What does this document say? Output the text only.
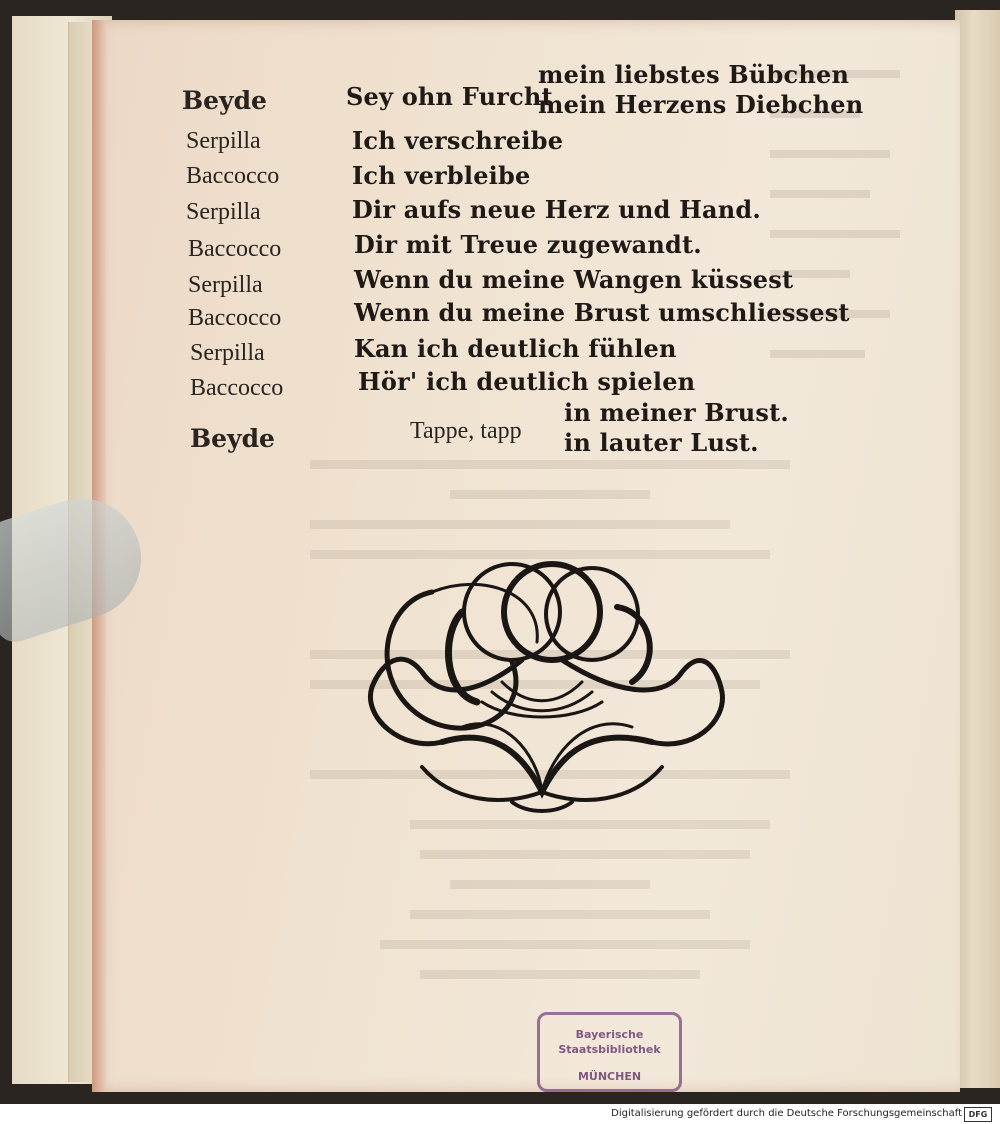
Beyde	Sey ohn Furcht
mein liebstes Bübchen
mein Herzens Diebchen
Serpilla	Ich verschreibe
Baccocco	Ich verbleibe
Serpilla	Dir aufs neue Herz und Hand.
Baccocco	Dir mit Treue zugewandt.
Serpilla	Wenn du meine Wangen küssest
Baccocco	Wenn du meine Brust umschliessest
Serpilla	Kan ich deutlich fühlen
Baccocco	Hör' ich deutlich spielen
Beyde	Tappe, tapp
in meiner Brust.
in lauter Lust.
Bayerische
Staatsbibliothek
MÜNCHEN
Digitalisierung gefördert durch die Deutsche Forschungsgemeinschaft DFG
